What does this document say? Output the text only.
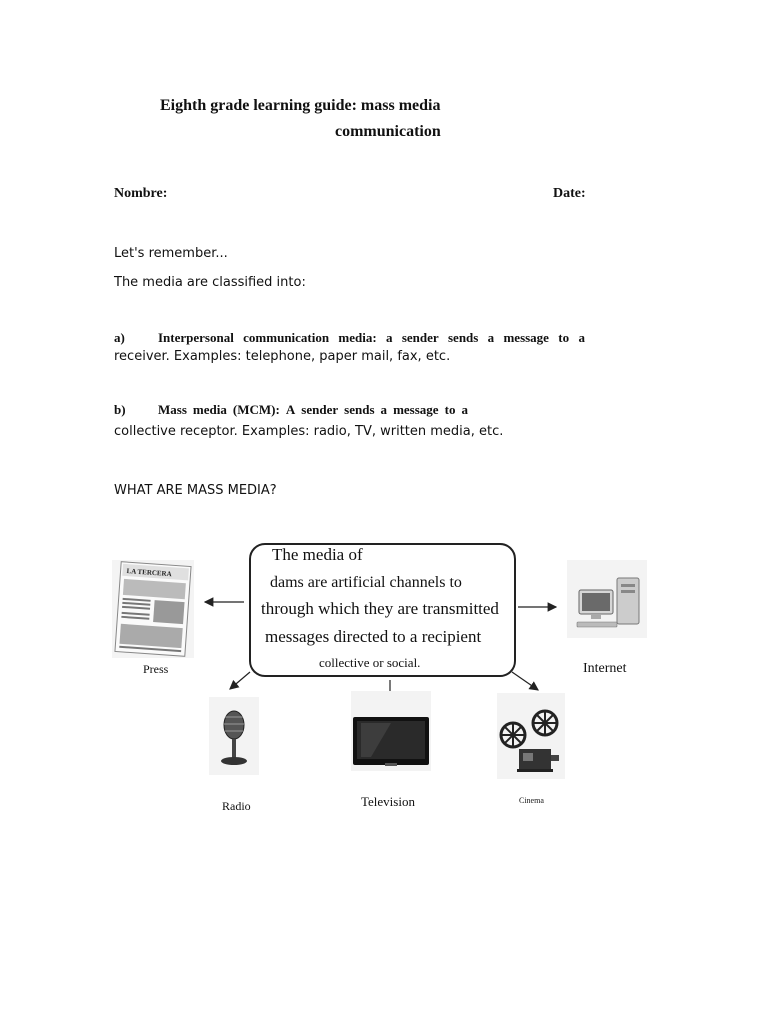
Eighth grade learning guide: mass media
communication
Nombre:	Date:
Let's remember...
The media are classified into:
a)	Interpersonal communication media: a sender sends a message to a
receiver. Examples: telephone, paper mail, fax, etc.
b) Mass media (MCM): A sender sends a message to a
collective receptor. Examples: radio, TV, written media, etc.
WHAT ARE MASS MEDIA?
The media of
dams are artificial channels to
through which they are transmitted
messages directed to a recipient
collective or social.
LA TERCERA
Press	Internet
Radio	Television	Cinema
